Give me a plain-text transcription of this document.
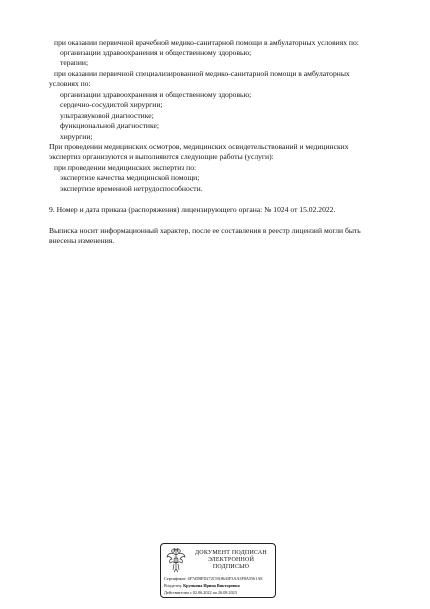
при оказании первичной врачебной медико-санитарной помощи в амбулаторных условиях по:
организации здравоохранения и общественному здоровью;
терапии;
при оказании первичной специализированной медико-санитарной помощи в амбулаторных
условиях по:
организации здравоохранения и общественному здоровью;
сердечно-сосудистой хирургии;
ультразвуковой диагностике;
функциональной диагностике;
хирургии;
При проведении медицинских осмотров, медицинских освидетельствований и медицинских
экспертиз организуются и выполняются следующие работы (услуги):
при проведении медицинских экспертиз по:
экспертизе качества медицинской помощи;
экспертизе временной нетрудоспособности.
9. Номер и дата приказа (распоряжения) лицензирующего органа: № 1024 от 15.02.2022.
Выписка носит информационный характер, после ее составления в реестр лицензий могли быть
внесены изменения.
ДОКУМЕНТ ПОДПИСАН
ЭЛЕКТРОННОЙ ПОДПИСЬЮ
Сертификат: 4F7d5BFD272C9A8643F3AA3F8A5561A8
Владелец: Крупкина Ирина Викторовна
Действителен с 02.06.2022 по 26.08.2023
